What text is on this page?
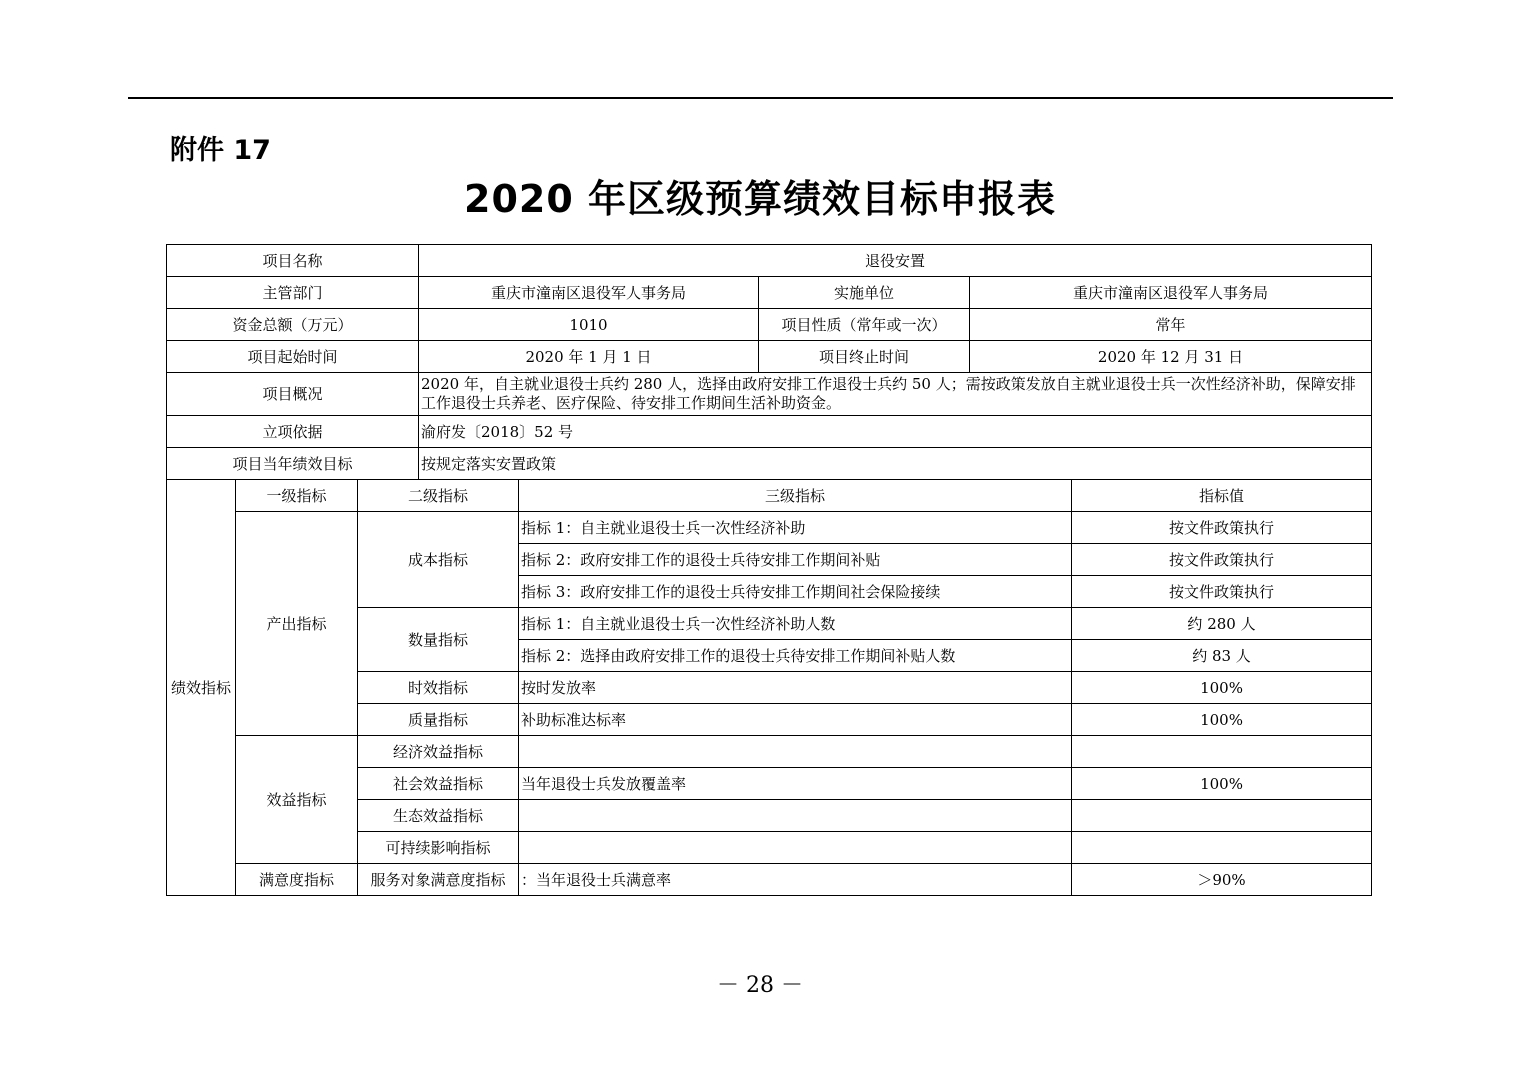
附件 17
2020 年区级预算绩效目标申报表
项目名称			退役安置				
主管部门			重庆市潼南区退役军人事务局		实施单位	重庆市潼南区退役军人事务局	
资金总额（万元）			1010		项目性质（常年或一次）	常年	
项目起始时间			2020 年 1 月 1 日		项目终止时间	2020 年 12 月 31 日	
项目概况			2020 年，自主就业退役士兵约 280 人，选择由政府安排工作退役士兵约 50 人；需按政策发放自主就业退役士兵一次性经济补助，保障安排工作退役士兵养老、医疗保险、待安排工作期间生活补助资金。				
立项依据			渝府发〔2018〕52 号				
项目当年绩效目标			按规定落实安置政策				
绩效指标	一级指标	二级指标		三级指标			指标值
	产出指标	成本指标		指标 1：自主就业退役士兵一次性经济补助			按文件政策执行
				指标 2：政府安排工作的退役士兵待安排工作期间补贴			按文件政策执行
				指标 3：政府安排工作的退役士兵待安排工作期间社会保险接续			按文件政策执行
		数量指标		指标 1：自主就业退役士兵一次性经济补助人数			约 280 人
				指标 2：选择由政府安排工作的退役士兵待安排工作期间补贴人数			约 83 人
		时效指标		按时发放率			100%
		质量指标		补助标准达标率			100%
	效益指标	经济效益指标					
		社会效益指标		当年退役士兵发放覆盖率			100%
		生态效益指标					
		可持续影响指标					
	满意度指标	服务对象满意度指标		：当年退役士兵满意率			＞90%
－ 28 －
